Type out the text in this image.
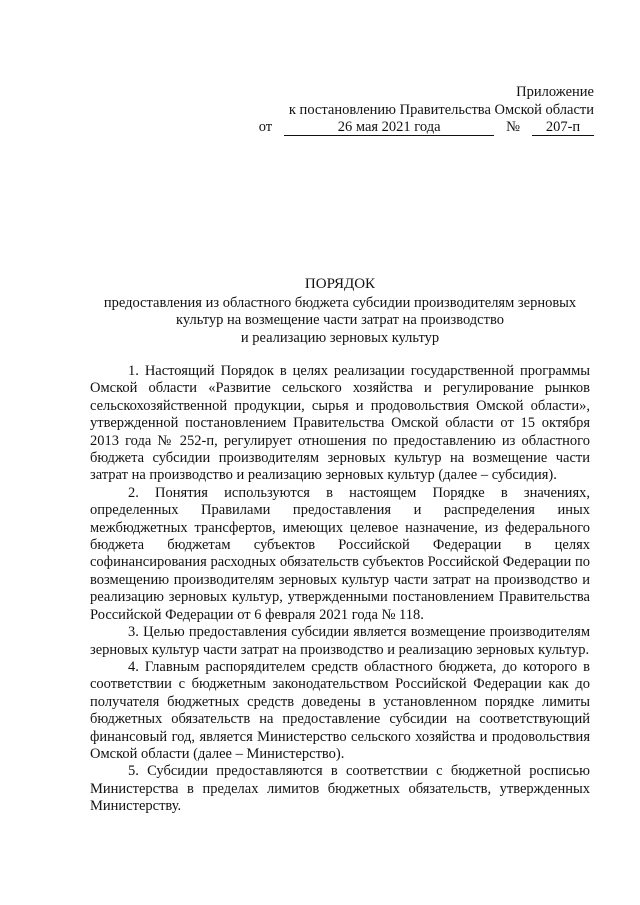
Приложение
к постановлению Правительства Омской области
от	26 мая 2021 года	№ 207-п
ПОРЯДОК
предоставления из областного бюджета субсидии производителям зерновых
культур на возмещение части затрат на производство
и реализацию зерновых культур

1. Настоящий Порядок в целях реализации государственной программы Омской области «Развитие сельского хозяйства и регулирование рынков сельскохозяйственной продукции, сырья и продовольствия Омской области», утвержденной постановлением Правительства Омской области от 15 октября 2013 года № 252-п, регулирует отношения по предоставлению из областного бюджета субсидии производителям зерновых культур на возмещение части затрат на производство и реализацию зерновых культур (далее – субсидия).

2. Понятия используются в настоящем Порядке в значениях, определенных Правилами предоставления и распределения иных межбюджетных трансфертов, имеющих целевое назначение, из федерального бюджета бюджетам субъектов Российской Федерации в целях софинансирования расходных обязательств субъектов Российской Федерации по возмещению производителям зерновых культур части затрат на производство и реализацию зерновых культур, утвержденными постановлением Правительства Российской Федерации от 6 февраля 2021 года № 118.

3. Целью предоставления субсидии является возмещение производителям зерновых культур части затрат на производство и реализацию зерновых культур.

4. Главным распорядителем средств областного бюджета, до которого в соответствии с бюджетным законодательством Российской Федерации как до получателя бюджетных средств доведены в установленном порядке лимиты бюджетных обязательств на предоставление субсидии на соответствующий финансовый год, является Министерство сельского хозяйства и продовольствия Омской области (далее – Министерство).

5. Субсидии предоставляются в соответствии с бюджетной росписью Министерства в пределах лимитов бюджетных обязательств, утвержденных Министерству.
